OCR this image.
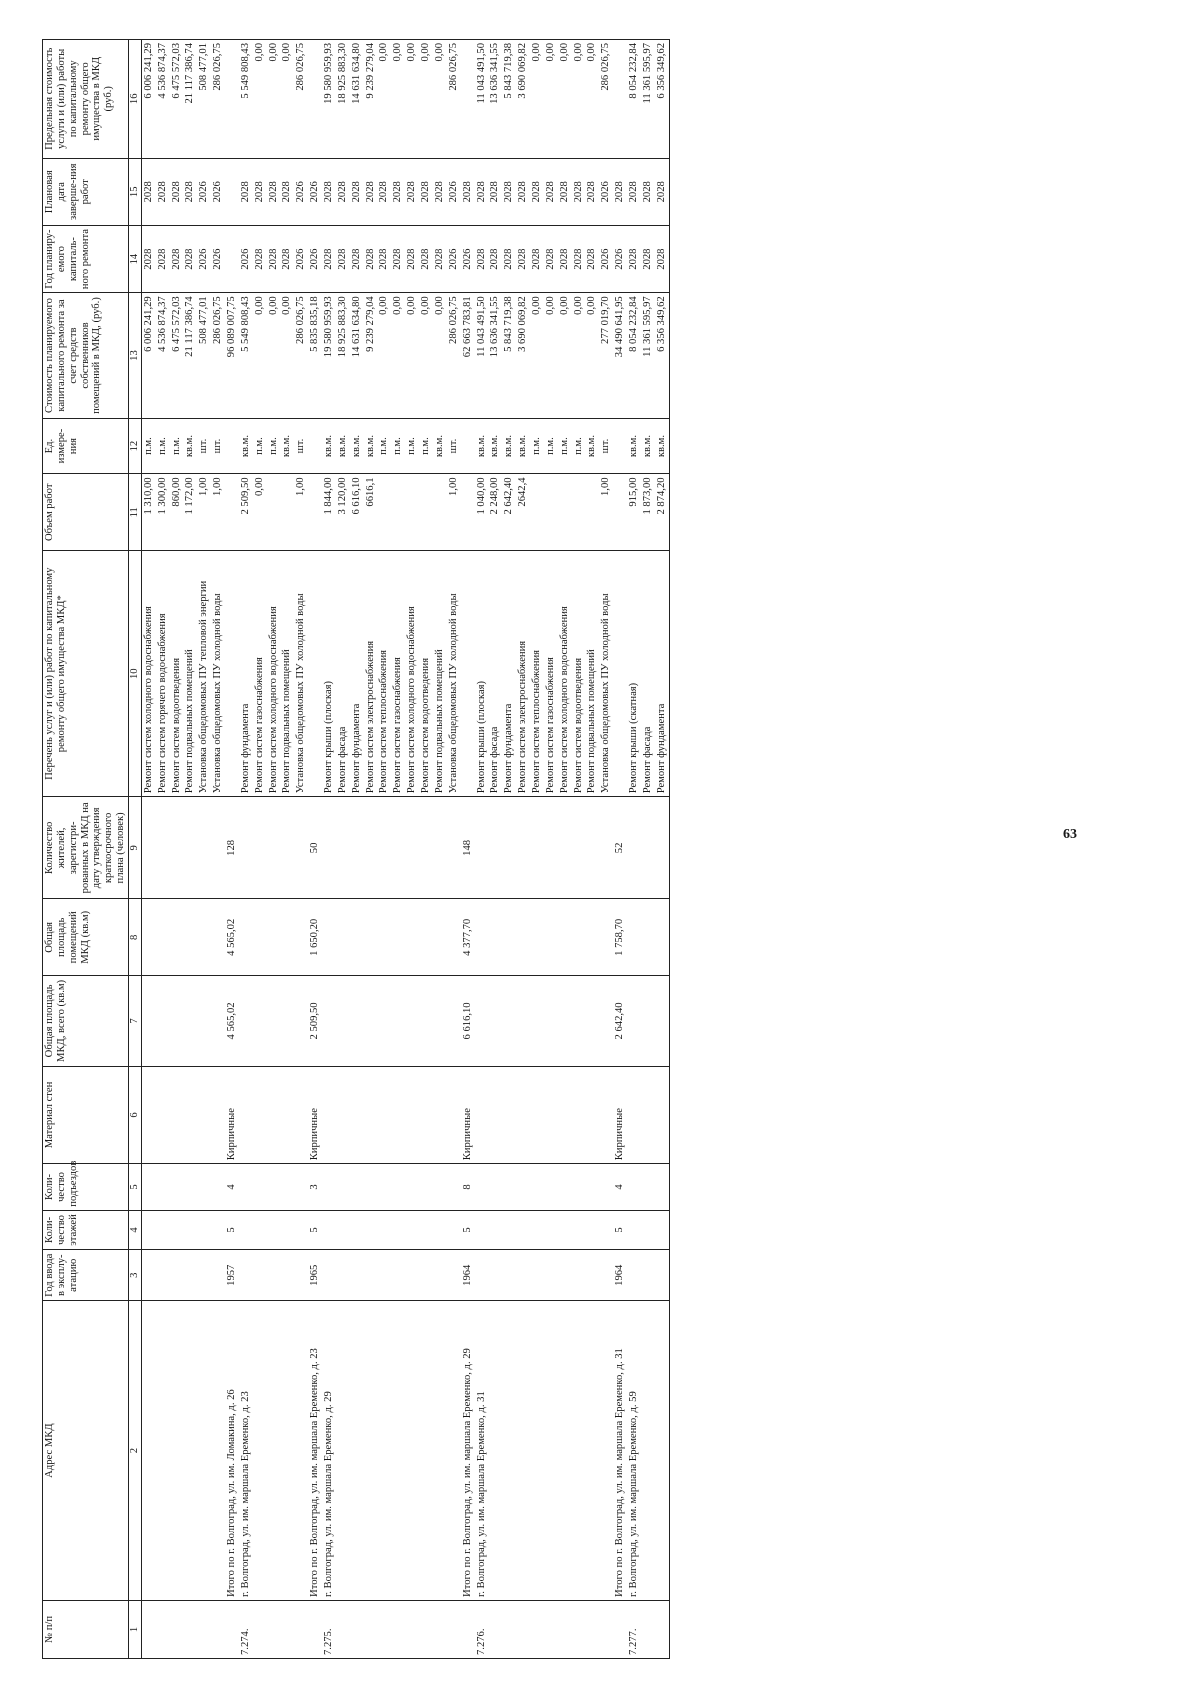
63
№ п/п	Адрес МКД	Год ввода в эксплу-атацию	Коли-чество этажей	Коли-чество подъездов	Материал стен	Общая площадь МКД, всего (кв.м)	Общая площадь помещений МКД (кв.м)	Количество жителей, зарегистри-рованных в МКД на дату утверждения краткосрочного плана (человек)	Перечень услуг и (или) работ по капитальному ремонту общего имущества МКД*	Объем работ	Ед. измере-ния	Стоимость планируемого капитального ремонта за счет средств собственников помещений в МКД, (руб.)	Год планиру-емого капиталь-ного ремонта	Плановая дата заверше-ния работ	Предельная стоимость услуги и (или) работы по капитальному ремонту общего имущества в МКД (руб.)
1	2	3	4	5	6	7	8	9	10	11	12	13	14	15	16
									Ремонт систем холодного водоснабжения	1 310,00	п.м.	6 006 241,29	2028	2028	6 006 241,29
									Ремонт систем горячего водоснабжения	1 300,00	п.м.	4 536 874,37	2028	2028	4 536 874,37
									Ремонт систем водоотведения	860,00	п.м.	6 475 572,03	2028	2028	6 475 572,03
									Ремонт подвальных помещений	1 172,00	кв.м.	21 117 386,74	2028	2028	21 117 386,74
									Установка общедомовых ПУ тепловой энергии	1,00	шт.	508 477,01	2026	2026	508 477,01
									Установка общедомовых ПУ холодной воды	1,00	шт.	286 026,75	2026	2026	286 026,75
	Итого по г. Волгоград, ул. им. Ломакина, д. 26	1957	5	4	Кирпичные	4 565,02	4 565,02	128				96 089 007,75			
7.274.	г. Волгоград, ул. им. маршала Еременко, д. 23								Ремонт фундамента	2 509,50	кв.м.	5 549 808,43	2026	2028	5 549 808,43
									Ремонт систем газоснабжения	0,00	п.м.	0,00	2028	2028	0,00
									Ремонт систем холодного водоснабжения		п.м.	0,00	2028	2028	0,00
									Ремонт подвальных помещений		кв.м.	0,00	2028	2028	0,00
									Установка общедомовых ПУ холодной воды	1,00	шт.	286 026,75	2026	2026	286 026,75
	Итого по г. Волгоград, ул. им. маршала Еременко, д. 23	1965	5	3	Кирпичные	2 509,50	1 650,20	50				5 835 835,18	2026	2026	
7.275.	г. Волгоград, ул. им. маршала Еременко, д. 29								Ремонт крыши (плоская)	1 844,00	кв.м.	19 580 959,93	2028	2028	19 580 959,93
									Ремонт фасада	3 120,00	кв.м.	18 925 883,30	2028	2028	18 925 883,30
									Ремонт фундамента	6 616,10	кв.м.	14 631 634,80	2028	2028	14 631 634,80
									Ремонт систем электроснабжения	6616,1	кв.м.	9 239 279,04	2028	2028	9 239 279,04
									Ремонт систем теплоснабжения		п.м.	0,00	2028	2028	0,00
									Ремонт систем газоснабжения		п.м.	0,00	2028	2028	0,00
									Ремонт систем холодного водоснабжения		п.м.	0,00	2028	2028	0,00
									Ремонт систем водоотведения		п.м.	0,00	2028	2028	0,00
									Ремонт подвальных помещений		кв.м.	0,00	2028	2028	0,00
									Установка общедомовых ПУ холодной воды	1,00	шт.	286 026,75	2026	2026	286 026,75
	Итого по г. Волгоград, ул. им. маршала Еременко, д. 29	1964	5	8	Кирпичные	6 616,10	4 377,70	148				62 663 783,81	2026	2028	
7.276.	г. Волгоград, ул. им. маршала Еременко, д. 31								Ремонт крыши (плоская)	1 040,00	кв.м.	11 043 491,50	2028	2028	11 043 491,50
									Ремонт фасада	2 248,00	кв.м.	13 636 341,55	2028	2028	13 636 341,55
									Ремонт фундамента	2 642,40	кв.м.	5 843 719,38	2028	2028	5 843 719,38
									Ремонт систем электроснабжения	2642,4	кв.м.	3 690 069,82	2028	2028	3 690 069,82
									Ремонт систем теплоснабжения		п.м.	0,00	2028	2028	0,00
									Ремонт систем газоснабжения		п.м.	0,00	2028	2028	0,00
									Ремонт систем холодного водоснабжения		п.м.	0,00	2028	2028	0,00
									Ремонт систем водоотведения		п.м.	0,00	2028	2028	0,00
									Ремонт подвальных помещений		кв.м.	0,00	2028	2028	0,00
									Установка общедомовых ПУ холодной воды	1,00	шт.	277 019,70	2026	2026	286 026,75
	Итого по г. Волгоград, ул. им. маршала Еременко, д. 31	1964	5	4	Кирпичные	2 642,40	1 758,70	52				34 490 641,95	2026	2028	
7.277.	г. Волгоград, ул. им. маршала Еременко, д. 59								Ремонт крыши (скатная)	915,00	кв.м.	8 054 232,84	2028	2028	8 054 232,84
									Ремонт фасада	1 873,00	кв.м.	11 361 595,97	2028	2028	11 361 595,97
									Ремонт фундамента	2 874,20	кв.м.	6 356 349,62	2028	2028	6 356 349,62
